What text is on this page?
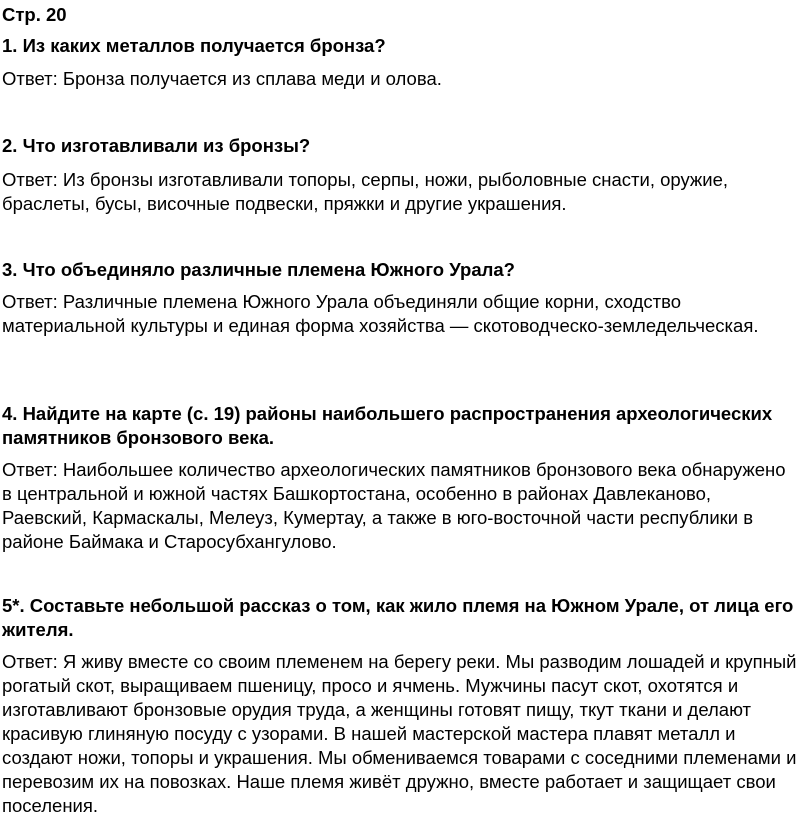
Стр. 20
1. Из каких металлов получается бронза?
Ответ: Бронза получается из сплава меди и олова.
2. Что изготавливали из бронзы?
Ответ: Из бронзы изготавливали топоры, серпы, ножи, рыболовные снасти, оружие, браслеты, бусы, височные подвески, пряжки и другие украшения.
3. Что объединяло различные племена Южного Урала?
Ответ: Различные племена Южного Урала объединяли общие корни, сходство материальной культуры и единая форма хозяйства — скотоводческо-земледельческая.
4. Найдите на карте (с. 19) районы наибольшего распространения археологических памятников бронзового века.
Ответ: Наибольшее количество археологических памятников бронзового века обнаружено в центральной и южной частях Башкортостана, особенно в районах Давлеканово, Раевский, Кармаскалы, Мелеуз, Кумертау, а также в юго-восточной части республики в районе Баймака и Старосубхангулово.
5*. Составьте небольшой рассказ о том, как жило племя на Южном Урале, от лица его жителя.
Ответ: Я живу вместе со своим племенем на берегу реки. Мы разводим лошадей и крупный рогатый скот, выращиваем пшеницу, просо и ячмень. Мужчины пасут скот, охотятся и изготавливают бронзовые орудия труда, а женщины готовят пищу, ткут ткани и делают красивую глиняную посуду с узорами. В нашей мастерской мастера плавят металл и создают ножи, топоры и украшения. Мы обмениваемся товарами с соседними племенами и перевозим их на повозках. Наше племя живёт дружно, вместе работает и защищает свои поселения.
